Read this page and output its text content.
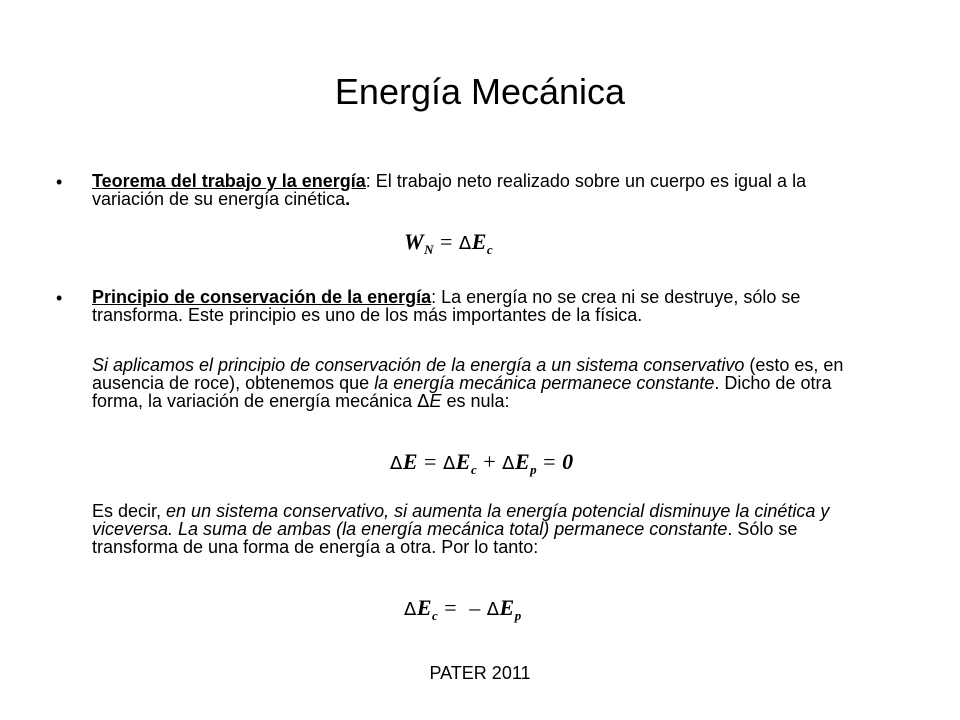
Energía Mecánica
• Teorema del trabajo y la energía: El trabajo neto realizado sobre un cuerpo es igual a la variación de su energía cinética.
$W_N = \Delta E_c$
• Principio de conservación de la energía: La energía no se crea ni se destruye, sólo se transforma. Este principio es uno de los más importantes de la física.
Si aplicamos el principio de conservación de la energía a un sistema conservativo (esto es, en ausencia de roce), obtenemos que la energía mecánica permanece constante. Dicho de otra forma, la variación de energía mecánica ΔE es nula:
$\Delta E = \Delta E_c + \Delta E_p = 0$
Es decir, en un sistema conservativo, si aumenta la energía potencial disminuye la cinética y viceversa. La suma de ambas (la energía mecánica total) permanece constante. Sólo se transforma de una forma de energía a otra. Por lo tanto:
$\Delta E_c$ = – $\Delta E_p$
PATER 2011
